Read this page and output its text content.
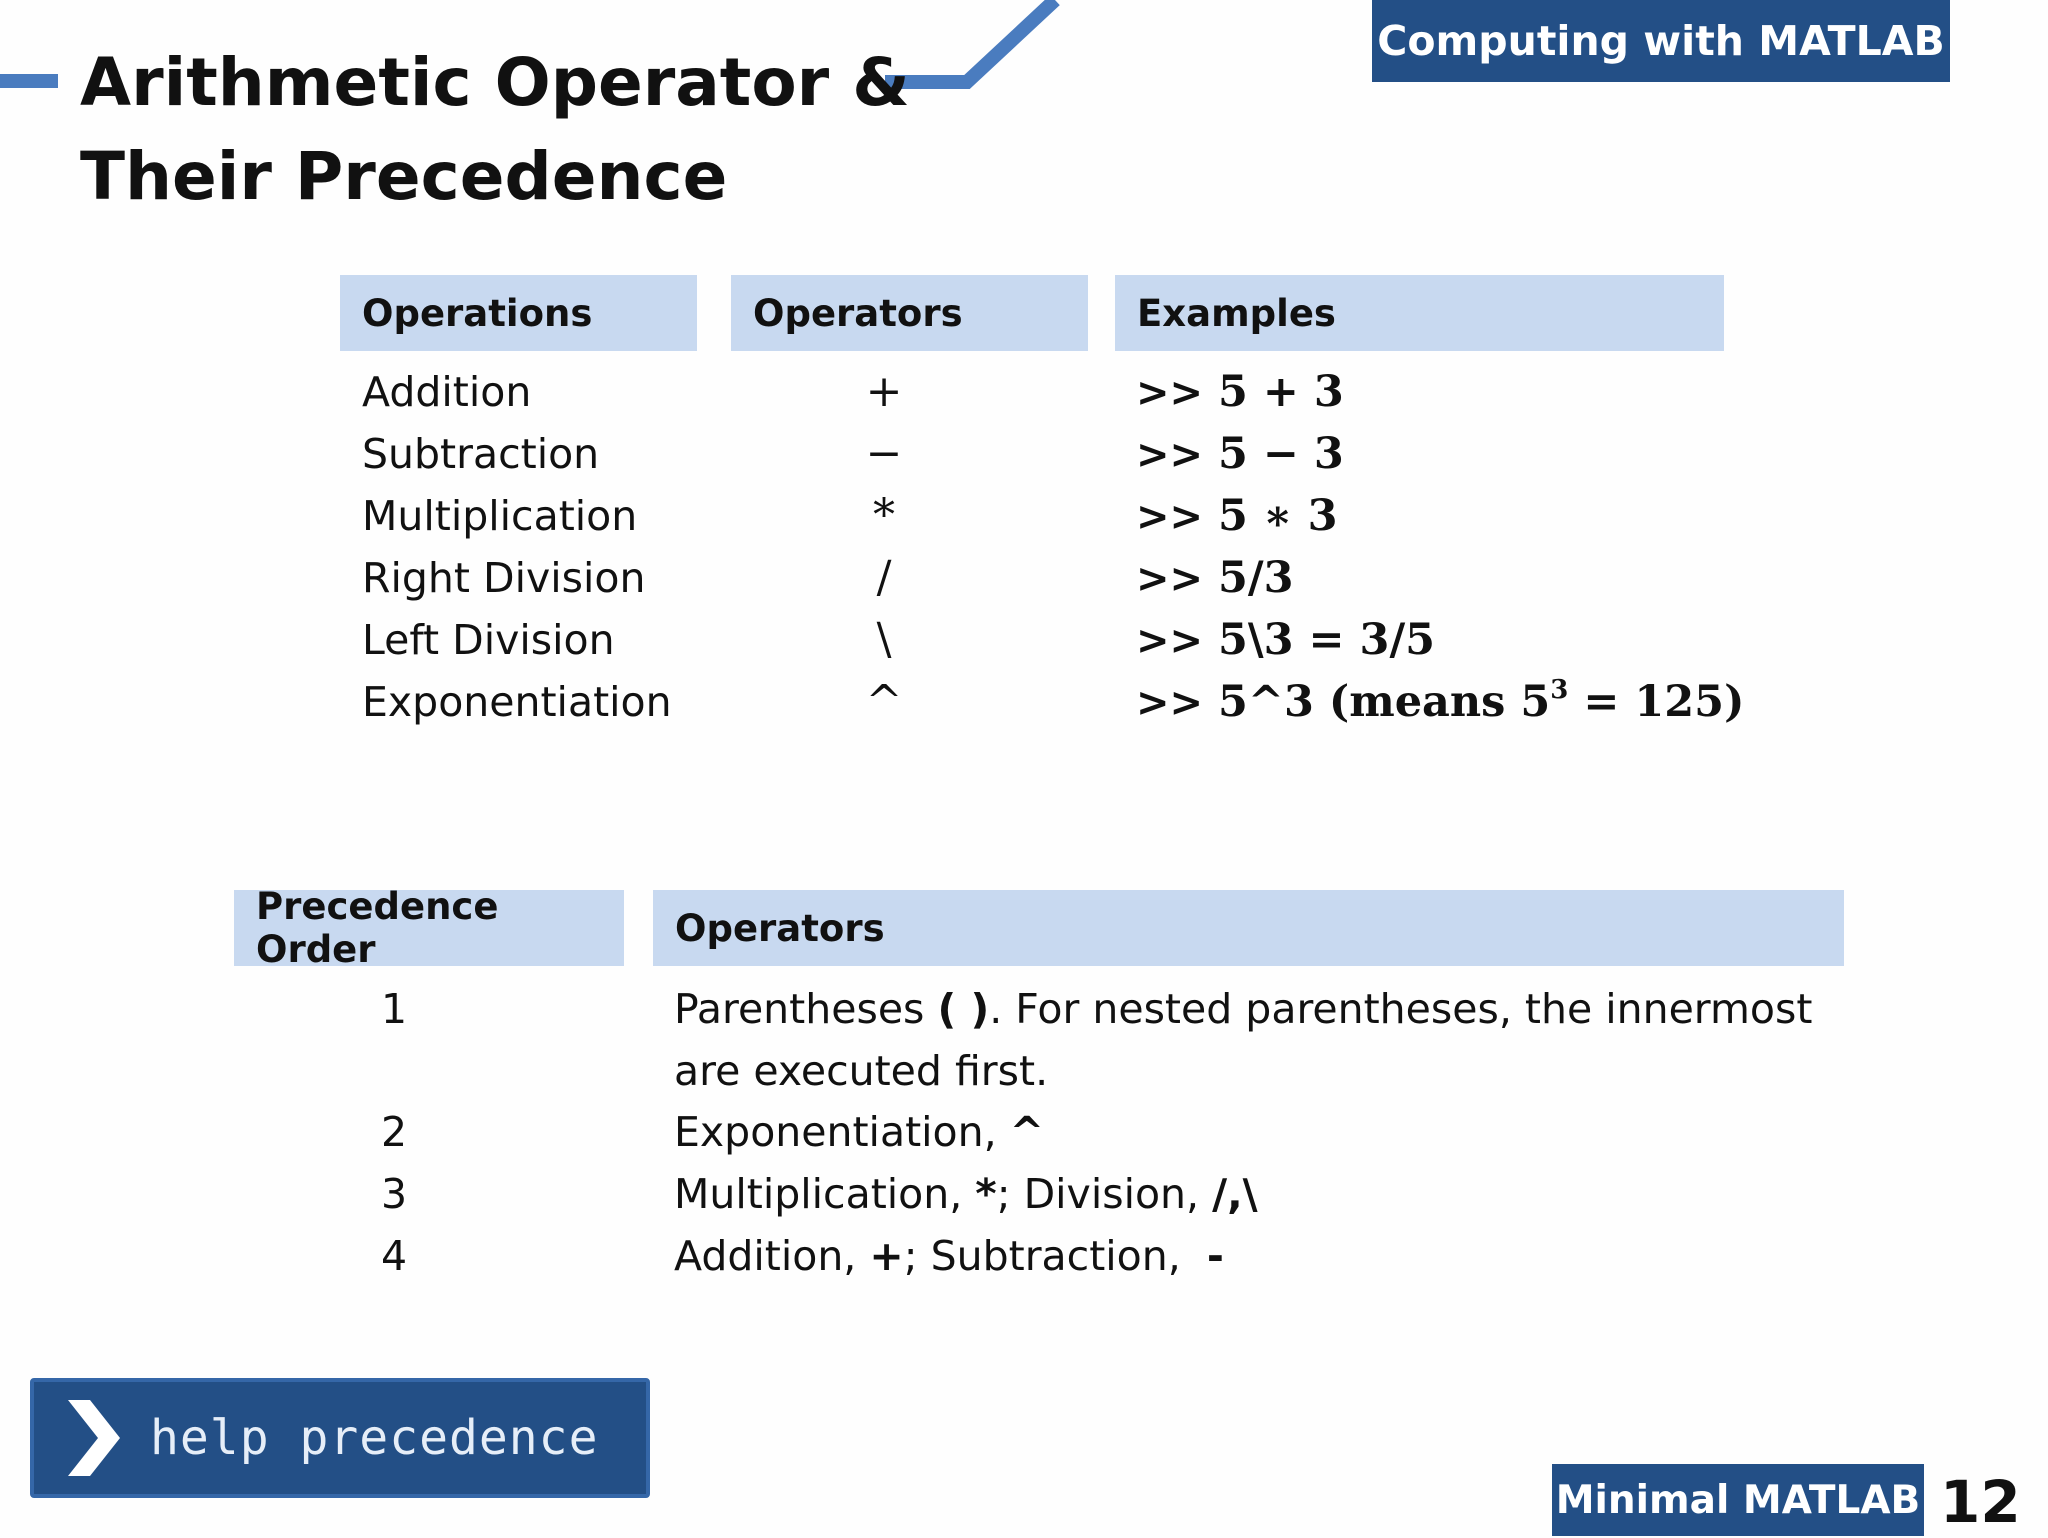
Arithmetic Operator &
Their Precedence
Computing with MATLAB
Operations	Operators	Examples
Addition	+	>> 5 + 3
Subtraction	−	>> 5 − 3
Multiplication	*	>> 5 ∗ 3
Right Division	/	>> 5/3
Left Division	\	>> 5\3 = 3/5
Exponentiation	^	>> 5^3 (means $5^3 = 125$)
Precedence Order	Operators
1	Parentheses ( ). For nested parentheses, the innermost
are executed first.
2	Exponentiation, ^
3	Multiplication, *; Division, /,\
4	Addition, +; Subtraction,  -
help precedence
Minimal MATLAB 12
